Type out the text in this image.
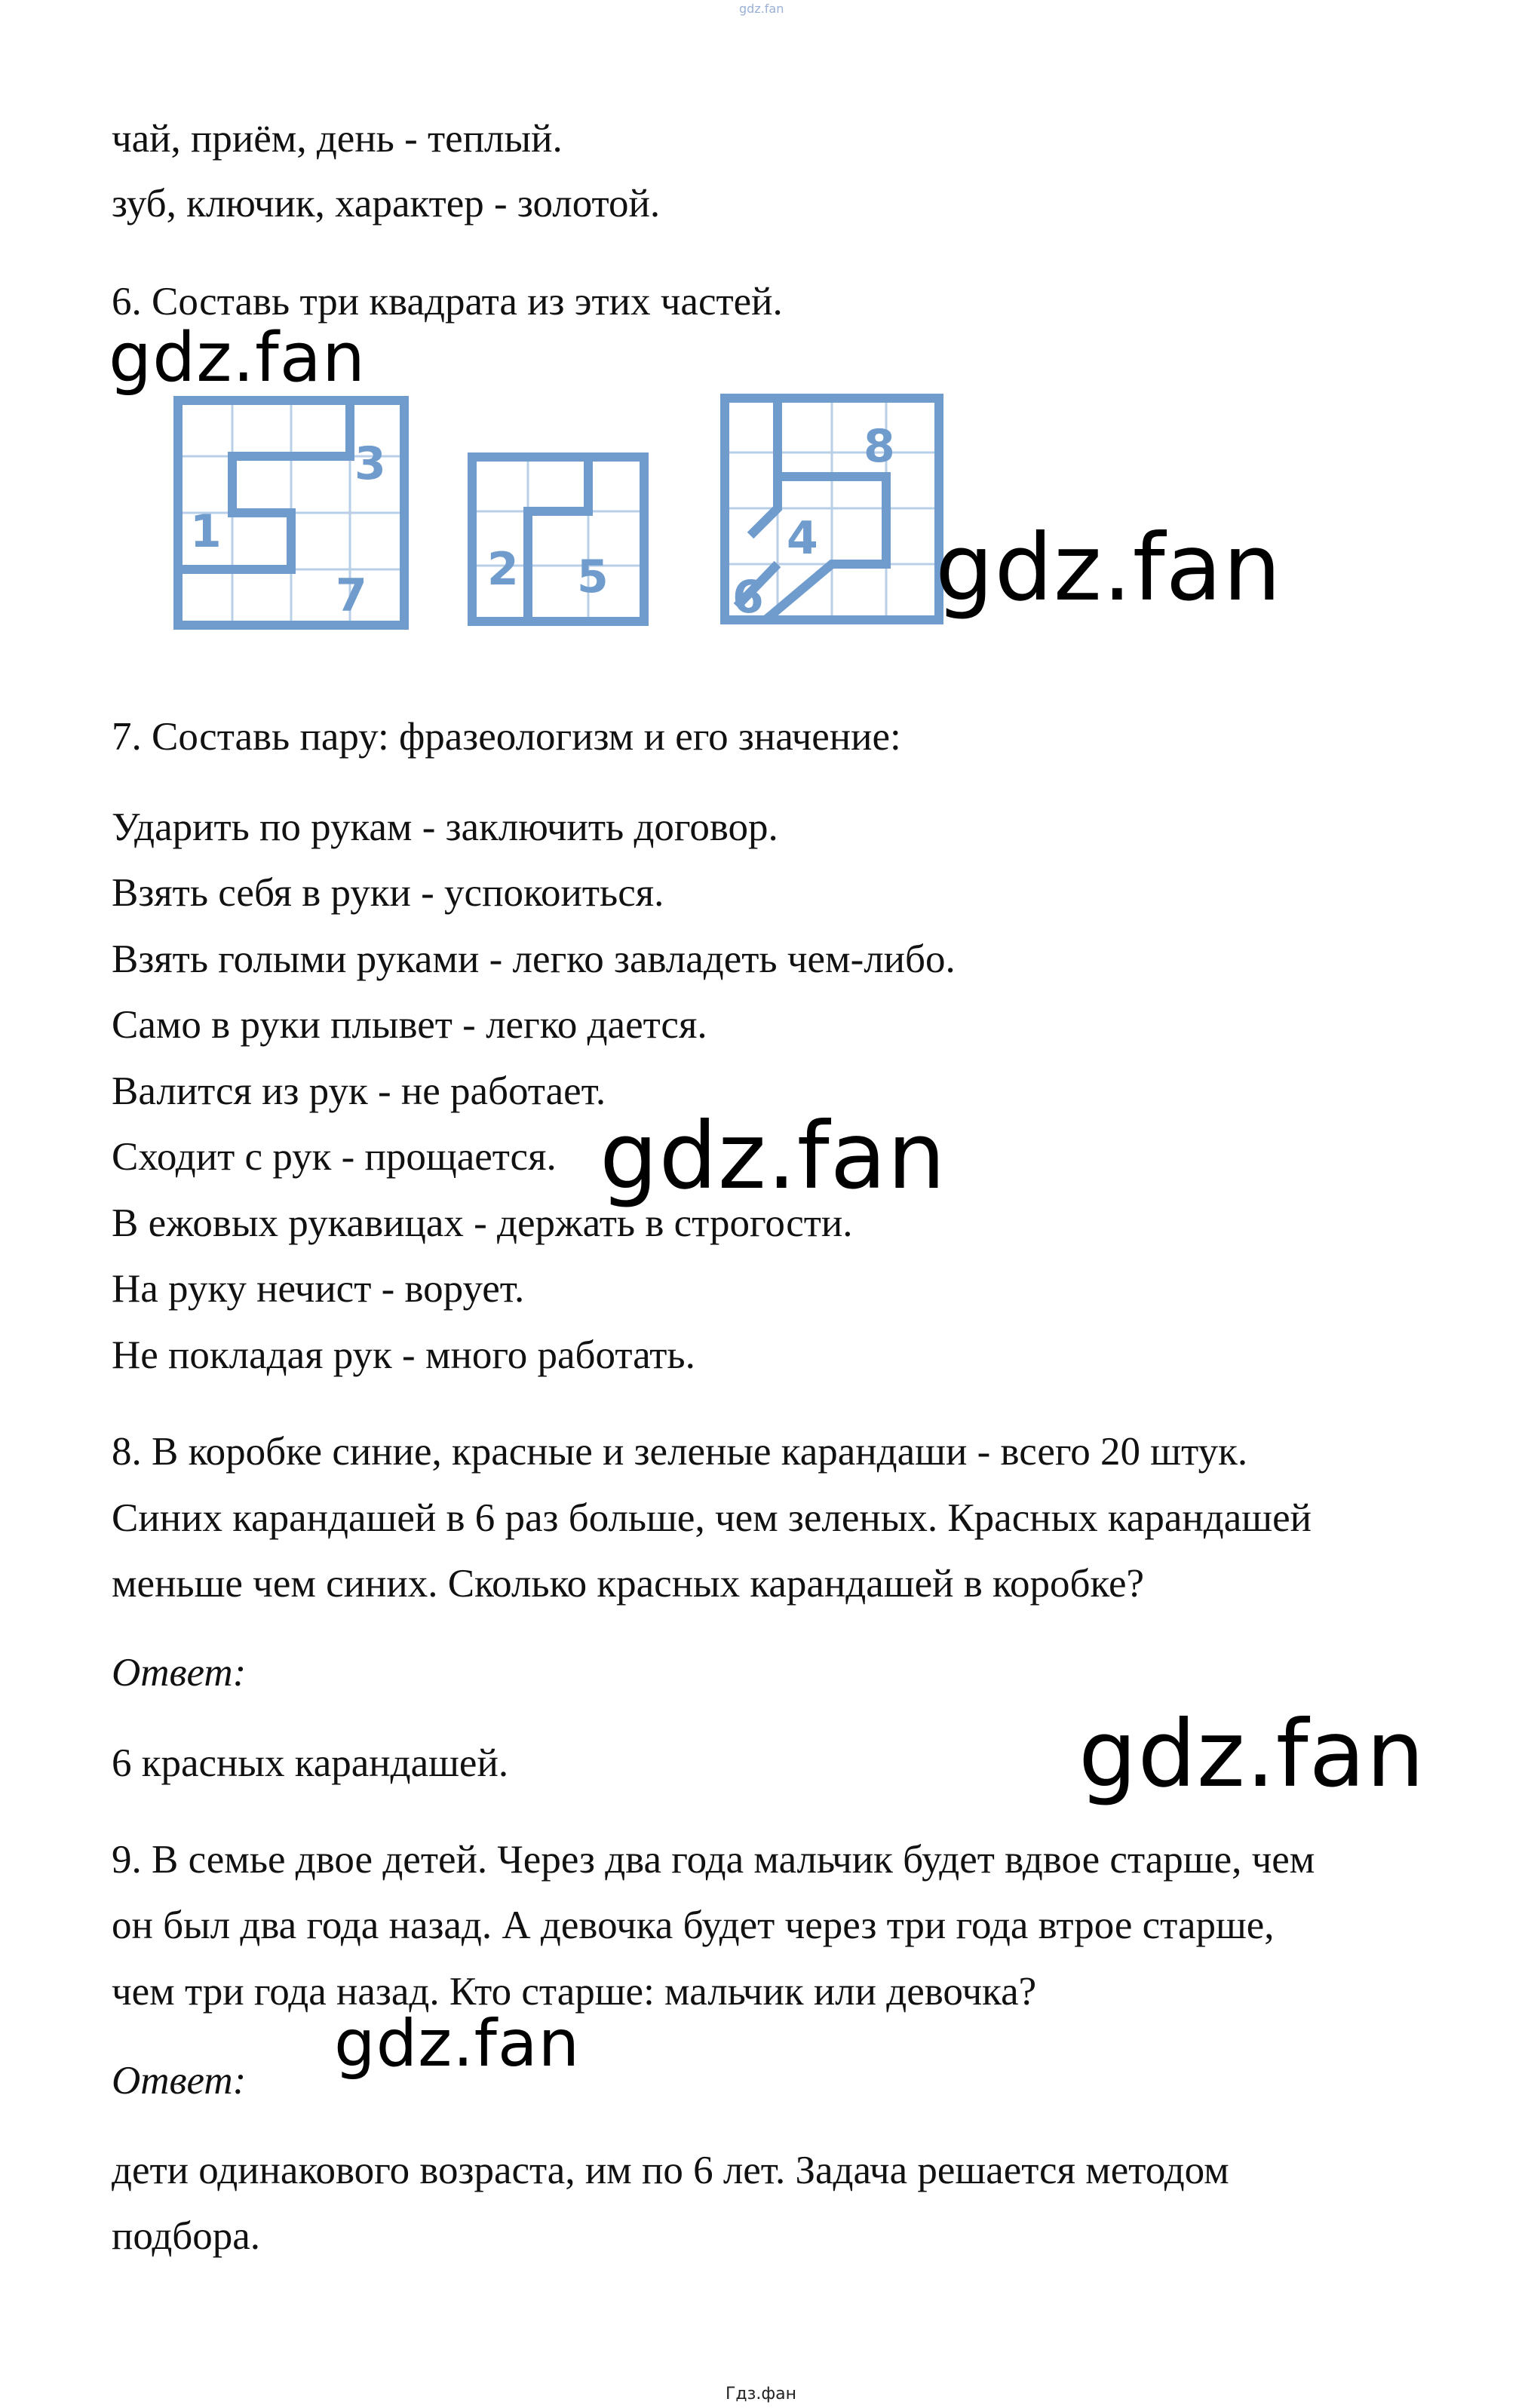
gdz.fan
чай, приём, день - теплый.
зуб, ключик, характер - золотой.
6. Составь три квадрата из этих частей.
gdz.fan
1
3
7	2 5
4
6
8
gdz.fan
7. Составь пару: фразеологизм и его значение:
Ударить по рукам - заключить договор.
Взять себя в руки - успокоиться.
Взять голыми руками - легко завладеть чем-либо.
Само в руки плывет - легко дается.
Валится из рук - не работает.
Сходит с рук - прощается.
В ежовых рукавицах - держать в строгости.
На руку нечист - ворует.
Не покладая рук - много работать.
gdz.fan
8. В коробке синие, красные и зеленые карандаши - всего 20 штук.
Синих карандашей в 6 раз больше, чем зеленых. Красных карандашей
меньше чем синих. Сколько красных карандашей в коробке?
Ответ:
6 красных карандашей.	gdz.fan
9. В семье двое детей. Через два года мальчик будет вдвое старше, чем
он был два года назад. А девочка будет через три года втрое старше,
чем три года назад. Кто старше: мальчик или девочка?
gdz.fan
Ответ:
дети одинакового возраста, им по 6 лет. Задача решается методом
подбора.
Гдз.фан
